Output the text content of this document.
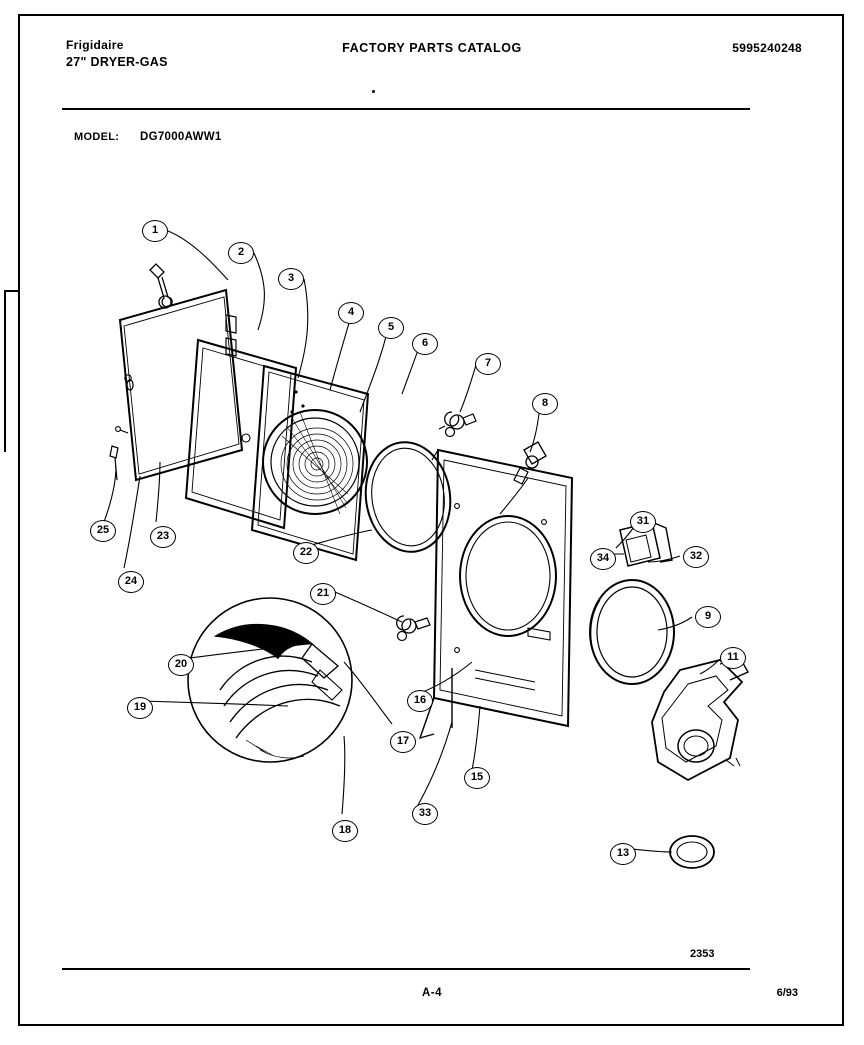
Frigidaire
27" DRYER-GAS
FACTORY PARTS CATALOG	5995240248
MODEL: DG7000AWW1
1
2
3
4
5
6
7
8
9
11
13
15
16
17
18
19
20
21
22
23
24
25
31
32
33
34
2353
A-4	6/93
